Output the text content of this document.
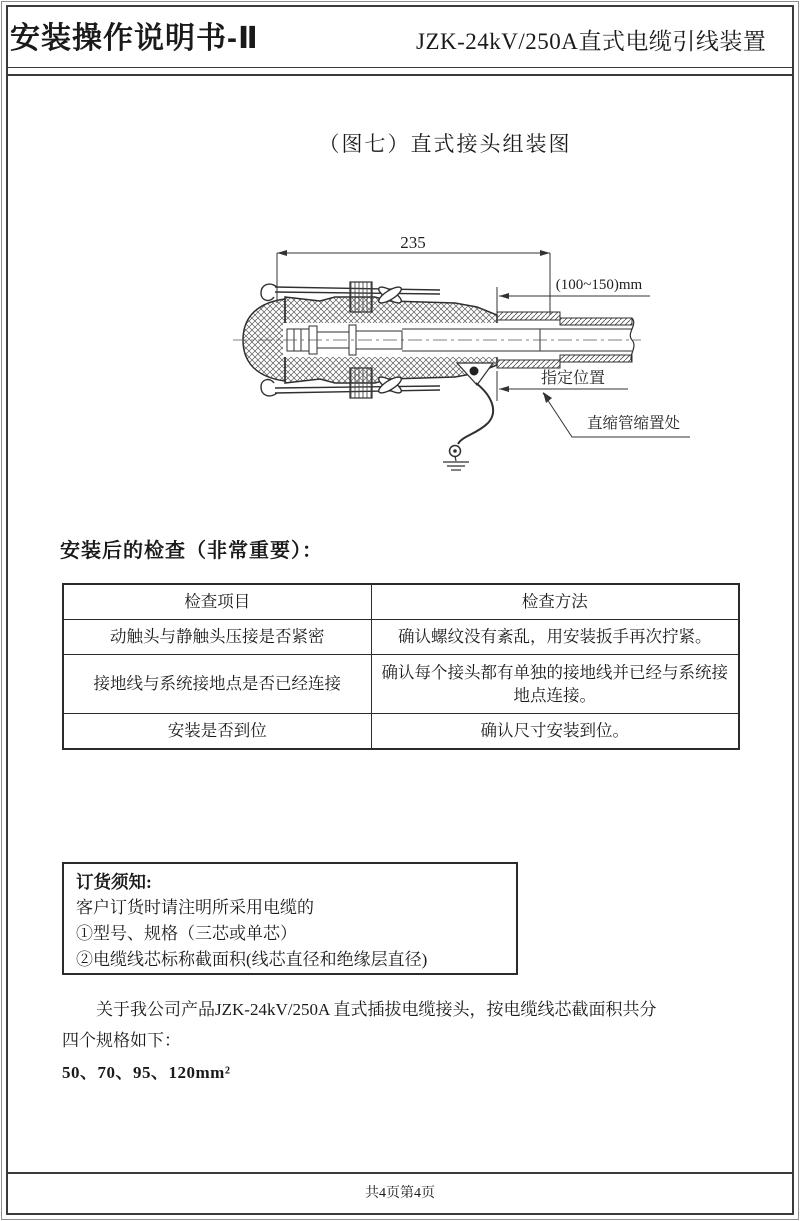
安装操作说明书-Ⅱ	JZK-24kV/250A直式电缆引线装置
（图七）直式接头组装图
235
(100~150)mm
指定位置
直缩管缩置处
安装后的检查（非常重要）：
检查项目	检查方法
动触头与静触头压接是否紧密	确认螺纹没有紊乱，用安装扳手再次拧紧。
接地线与系统接地点是否已经连接	确认每个接头都有单独的接地线并已经与系统接地点连接。
安装是否到位	确认尺寸安装到位。
订货须知:
客户订货时请注明所采用电缆的
①型号、规格（三芯或单芯）
②电缆线芯标称截面积(线芯直径和绝缘层直径)
关于我公司产品JZK-24kV/250A 直式插拔电缆接头，按电缆线芯截面积共分
四个规格如下：
50、70、95、120mm²
共4页第4页
